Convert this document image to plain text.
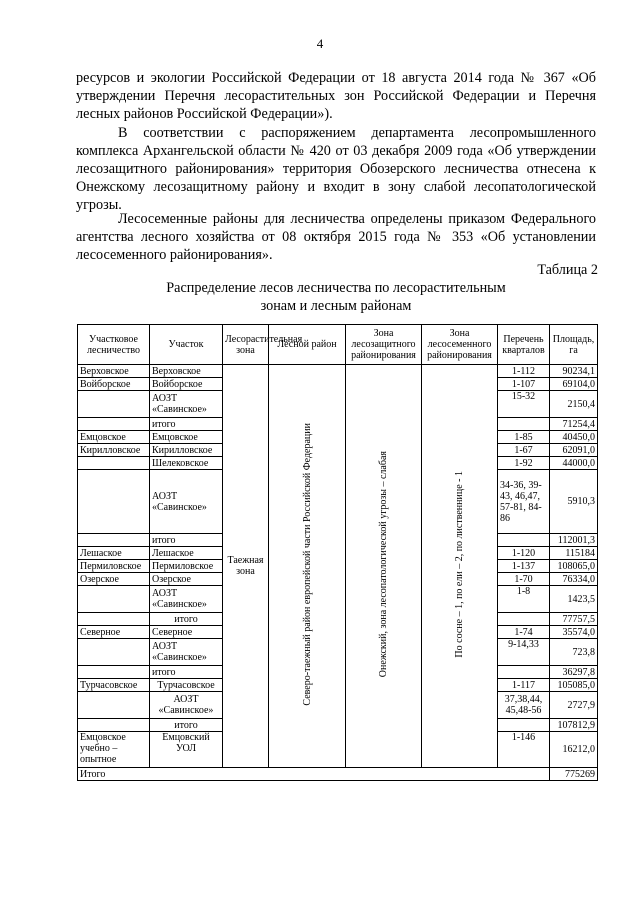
4

ресурсов и экологии Российской Федерации от 18 августа 2014 года № 367 «Об утверждении Перечня лесорастительных зон Российской Федерации и Перечня лесных районов Российской Федерации»).

В соответствии с распоряжением департамента лесопромышленного комплекса Архангельской области № 420 от 03 декабря 2009 года «Об утверждении лесозащитного районирования» территория Обозерского лесничества отнесена к Онежскому лесозащитному району и входит в зону слабой лесопатологической угрозы.

Лесосеменные районы для лесничества определены приказом Федерального агентства лесного хозяйства от 08 октября 2015 года № 353 «Об установлении лесосеменного районирования».

Таблица 2
Распределение лесов лесничества по лесорастительным
зонам и лесным районам
Участковое лесничество	Участок	Лесорастительная зона	Лесной район	Зона лесозащитного районирования	Зона лесосеменного районирования	Перечень кварталов	Площадь, га
Верховское	Верховское	Таежная зона	Северо-таежный район европейской части Российской Федерации	Онежский, зона лесопатологической угрозы – слабая	По сосне – 1, по ели – 2, по лиственнице - 1	1-112	90234,1
Войборское	Войборское					1-107	69104,0
	АОЗТ «Савинское»					15-32	2150,4
	итого						71254,4
Емцовское	Емцовское					1-85	40450,0
Кирилловское	Кирилловское					1-67	62091,0
	Шелековское					1-92	44000,0
	АОЗТ «Савинское»					34-36, 39-43, 46,47, 57-81, 84-86	5910,3
	итого						112001,3
Лешаское	Лешаское					1-120	115184
Пермиловское	Пермиловское					1-137	108065,0
Озерское	Озерское					1-70	76334,0
	АОЗТ «Савинское»					1-8	1423,5
	итого						77757,5
Северное	Северное					1-74	35574,0
	АОЗТ «Савинское»					9-14,33	723,8
	итого						36297,8
Турчасовское	Турчасовское					1-117	105085,0
	АОЗТ «Савинское»					37,38,44, 45,48-56	2727,9
	итого						107812,9
Емцовское учебно – опытное	Емцовский УОЛ					1-146	16212,0
Итого							775269
